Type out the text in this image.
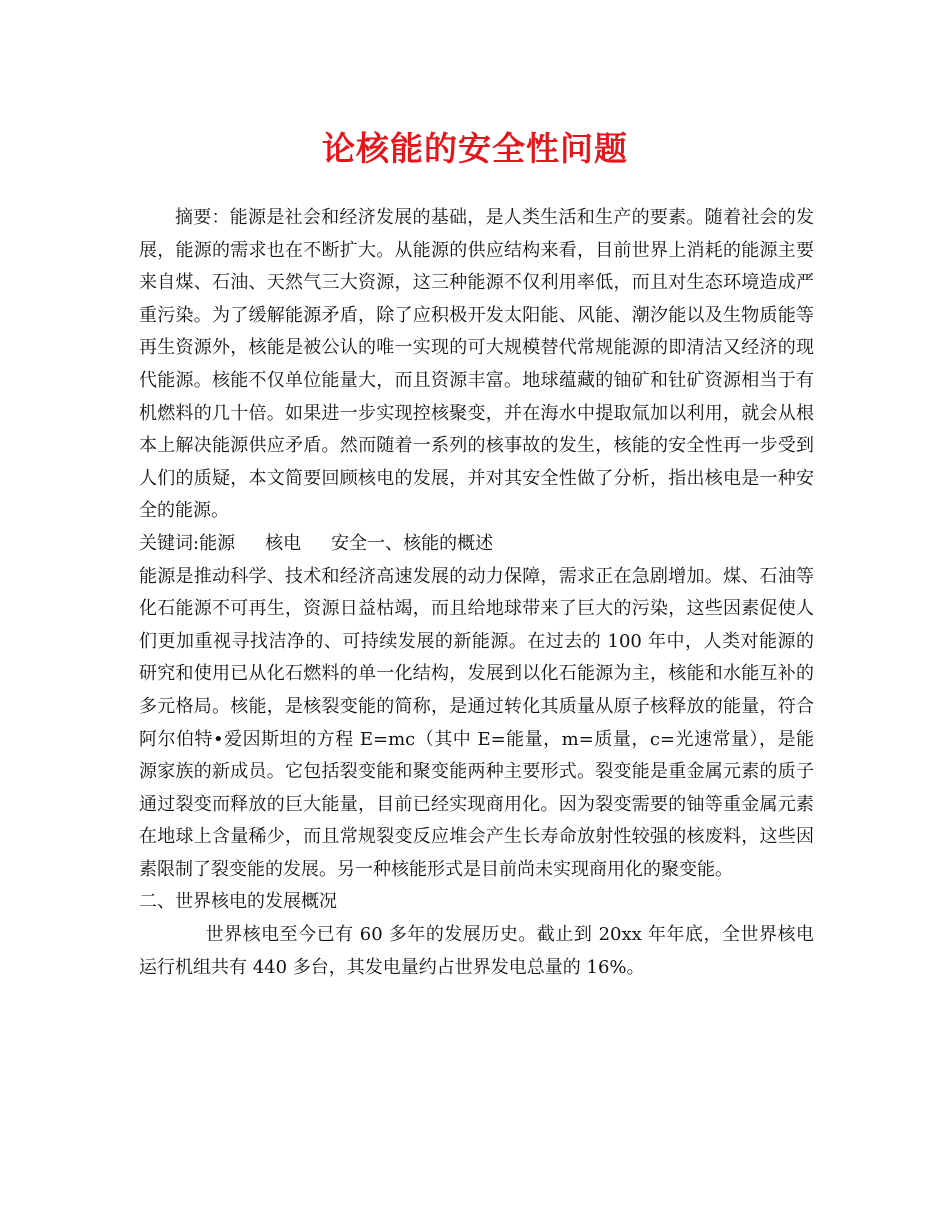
论核能的安全性问题

摘要：能源是社会和经济发展的基础，是人类生活和生产的要素。随着社会的发展，能源的需求也在不断扩大。从能源的供应结构来看，目前世界上消耗的能源主要来自煤、石油、天然气三大资源，这三种能源不仅利用率低，而且对生态环境造成严重污染。为了缓解能源矛盾，除了应积极开发太阳能、风能、潮汐能以及生物质能等再生资源外，核能是被公认的唯一实现的可大规模替代常规能源的即清洁又经济的现代能源。核能不仅单位能量大，而且资源丰富。地球蕴藏的铀矿和钍矿资源相当于有机燃料的几十倍。如果进一步实现控核聚变，并在海水中提取氚加以利用，就会从根本上解决能源供应矛盾。然而随着一系列的核事故的发生，核能的安全性再一步受到人们的质疑，本文简要回顾核电的发展，并对其安全性做了分析，指出核电是一种安全的能源。

关键词:能源 核电 安全一、核能的概述

能源是推动科学、技术和经济高速发展的动力保障，需求正在急剧增加。煤、石油等化石能源不可再生，资源日益枯竭，而且给地球带来了巨大的污染，这些因素促使人们更加重视寻找洁净的、可持续发展的新能源。在过去的 100 年中，人类对能源的研究和使用已从化石燃料的单一化结构，发展到以化石能源为主，核能和水能互补的多元格局。核能，是核裂变能的简称，是通过转化其质量从原子核释放的能量，符合阿尔伯特•爱因斯坦的方程 E=mc（其中 E=能量，m=质量，c=光速常量），是能源家族的新成员。它包括裂变能和聚变能两种主要形式。裂变能是重金属元素的质子通过裂变而释放的巨大能量，目前已经实现商用化。因为裂变需要的铀等重金属元素在地球上含量稀少，而且常规裂变反应堆会产生长寿命放射性较强的核废料，这些因素限制了裂变能的发展。另一种核能形式是目前尚未实现商用化的聚变能。

二、世界核电的发展概况

世界核电至今已有 60 多年的发展历史。截止到 20xx 年年底，全世界核电运行机组共有 440 多台，其发电量约占世界发电总量的 16%。
